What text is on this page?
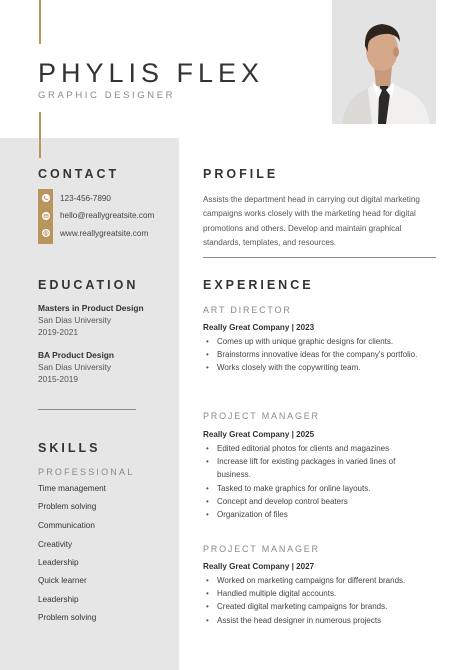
PHYLIS FLEX
GRAPHIC DESIGNER
CONTACT
123-456-7890
hello@reallygreatsite.com
www.reallygreatsite.com
EDUCATION
Masters in Product Design
San Dias University
2019-2021
BA Product Design
San Dias University
2015-2019
SKILLS
PROFESSIONAL
Time management
Problem solving
Communication
Creativity
Leadership
Quick learner
Leadership
Problem solving
PROFILE

Assists the department head in carrying out digital marketing campaigns works closely with the marketing head for digital promotions and others. Develop and maintain graphical standards, templates, and resources.

EXPERIENCE
ART DIRECTOR
Really Great Company | 2023
• Comes up with unique graphic designs for clients.
• Brainstorms innovative ideas for the company's portfolio.
• Works closely with the copywriting team.
PROJECT MANAGER
Really Great Company | 2025
• Edited editorial photos for clients and magazines
• Increase lift for existing packages in varied lines of business.
• Tasked to make graphics for online layouts.
• Concept and develop control beaters
• Organization of files
PROJECT MANAGER
Really Great Company | 2027
• Worked on marketing campaigns for different brands.
• Handled multiple digital accounts.
• Created digital marketing campaigns for brands.
• Assist the head designer in numerous projects
